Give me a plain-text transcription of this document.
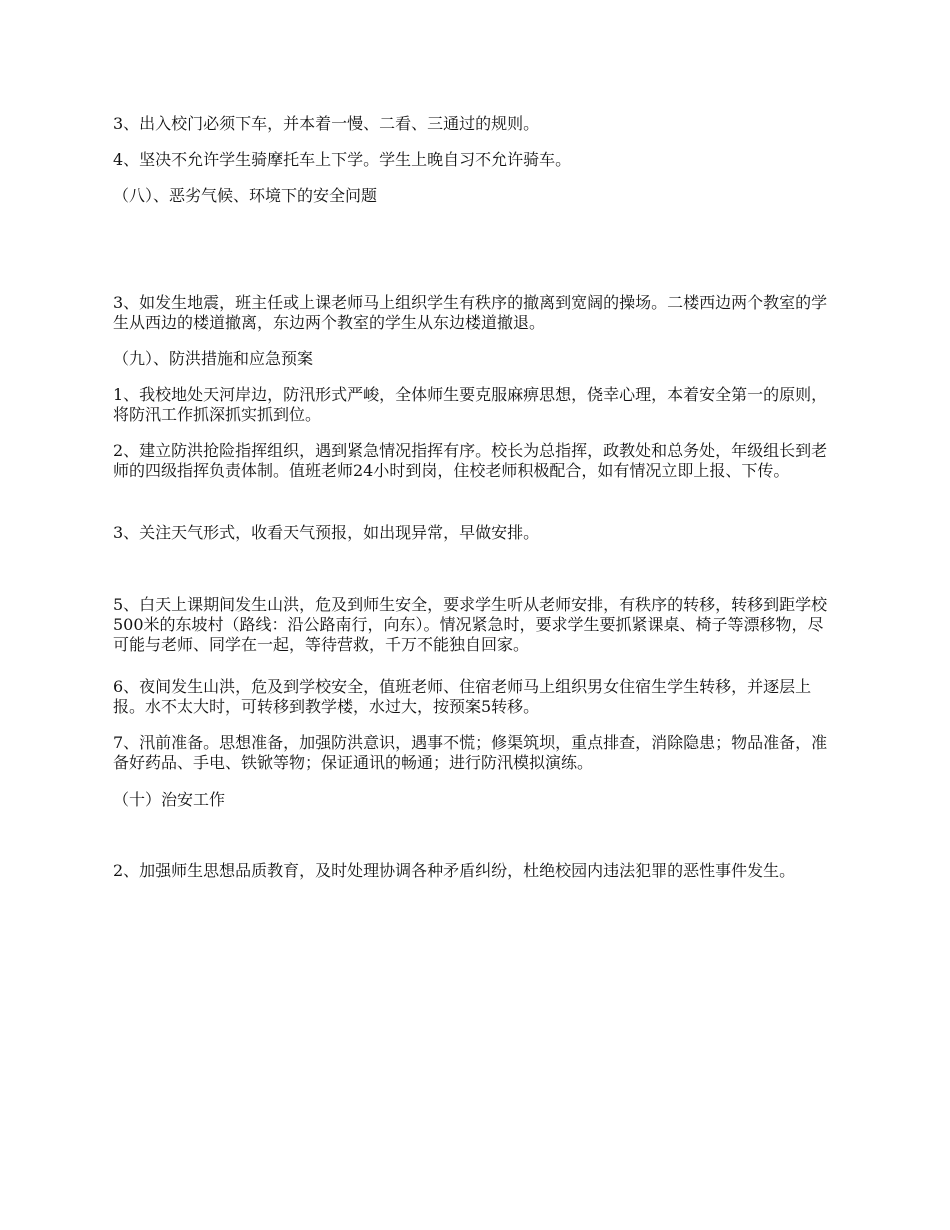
3、出入校门必须下车，并本着一慢、二看、三通过的规则。
4、坚决不允许学生骑摩托车上下学。学生上晚自习不允许骑车。
（八）、恶劣气候、环境下的安全问题
3、如发生地震，班主任或上课老师马上组织学生有秩序的撤离到宽阔的操场。二楼西边两个教室的学生从西边的楼道撤离，东边两个教室的学生从东边楼道撤退。
（九）、防洪措施和应急预案
1、我校地处天河岸边，防汛形式严峻，全体师生要克服麻痹思想，侥幸心理，本着安全第一的原则，将防汛工作抓深抓实抓到位。
2、建立防洪抢险指挥组织，遇到紧急情况指挥有序。校长为总指挥，政教处和总务处，年级组长到老师的四级指挥负责体制。值班老师24小时到岗，住校老师积极配合，如有情况立即上报、下传。
3、关注天气形式，收看天气预报，如出现异常，早做安排。
5、白天上课期间发生山洪，危及到师生安全，要求学生听从老师安排，有秩序的转移，转移到距学校500米的东坡村（路线：沿公路南行，向东）。情况紧急时，要求学生要抓紧课桌、椅子等漂移物，尽可能与老师、同学在一起，等待营救，千万不能独自回家。
6、夜间发生山洪，危及到学校安全，值班老师、住宿老师马上组织男女住宿生学生转移，并逐层上报。水不太大时，可转移到教学楼，水过大，按预案5转移。
7、汛前准备。思想准备，加强防洪意识，遇事不慌；修渠筑坝，重点排查，消除隐患；物品准备，准备好药品、手电、铁锨等物；保证通讯的畅通；进行防汛模拟演练。
（十）治安工作
2、加强师生思想品质教育，及时处理协调各种矛盾纠纷，杜绝校园内违法犯罪的恶性事件发生。
